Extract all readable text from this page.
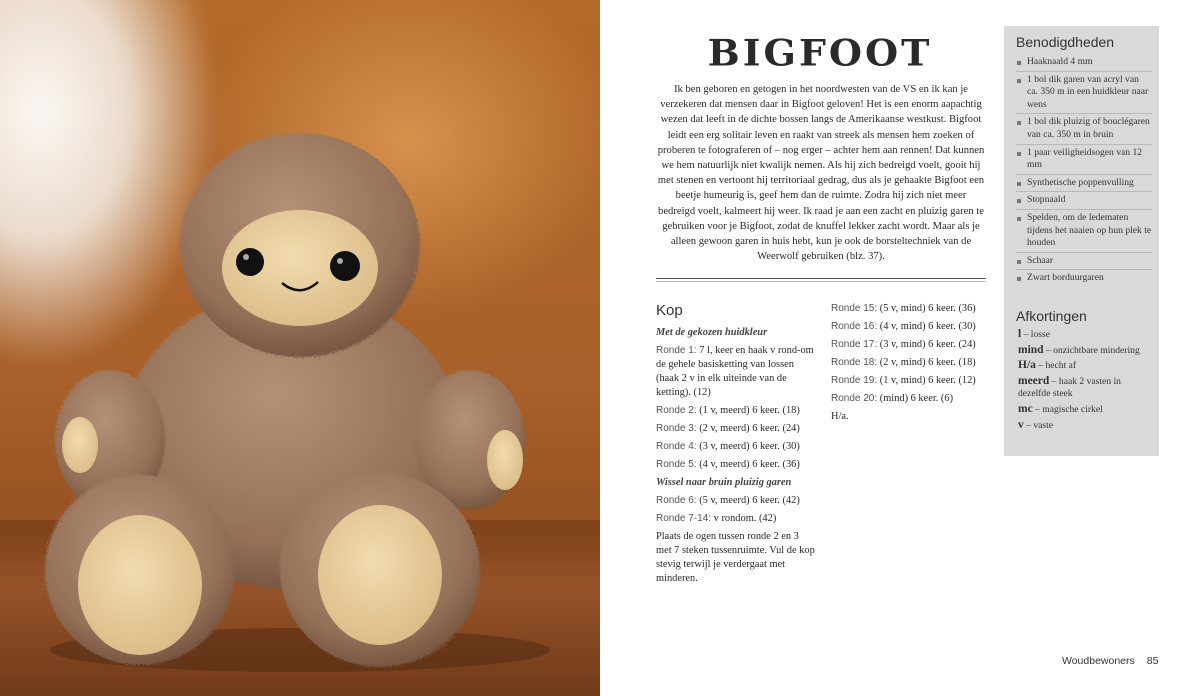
BIGFOOT
Ik ben geboren en getogen in het noordwesten van de VS en ik kan je verzekeren dat mensen daar in Bigfoot geloven! Het is een enorm aapachtig wezen dat leeft in de dichte bossen langs de Amerikaanse westkust. Bigfoot leidt een erg solitair leven en raakt van streek als mensen hem zoeken of proberen te fotograferen of – nog erger – achter hem aan rennen! Dat kunnen we hem natuurlijk niet kwalijk nemen. Als hij zich bedreigd voelt, gooit hij met stenen en vertoont hij territoriaal gedrag, dus als je gehaakte Bigfoot een beetje humeurig is, geef hem dan de ruimte. Zodra hij zich niet meer bedreigd voelt, kalmeert hij weer. Ik raad je aan een zacht en pluizig garen te gebruiken voor je Bigfoot, zodat de knuffel lekker zacht wordt. Maar als je alleen gewoon garen in huis hebt, kun je ook de borsteltechniek van de Weerwolf gebruiken (blz. 37).
Kop
Met de gekozen huidkleur
Ronde 1: 7 l, keer en haak v rond-om de gehele basisketting van lossen (haak 2 v in elk uiteinde van de ketting). (12)
Ronde 2: (1 v, meerd) 6 keer. (18)
Ronde 3: (2 v, meerd) 6 keer. (24)
Ronde 4: (3 v, meerd) 6 keer. (30)
Ronde 5: (4 v, meerd) 6 keer. (36)
Wissel naar bruin pluizig garen
Ronde 6: (5 v, meerd) 6 keer. (42)
Ronde 7-14: v rondom. (42)
Plaats de ogen tussen ronde 2 en 3 met 7 steken tussenruimte. Vul de kop stevig terwijl je verdergaat met minderen.
Ronde 15: (5 v, mind) 6 keer. (36)
Ronde 16: (4 v, mind) 6 keer. (30)
Ronde 17: (3 v, mind) 6 keer. (24)
Ronde 18: (2 v, mind) 6 keer. (18)
Ronde 19: (1 v, mind) 6 keer. (12)
Ronde 20: (mind) 6 keer. (6)
H/a.
Benodigdheden
Haaknaald 4 mm
1 bol dik garen van acryl van ca. 350 m in een huidkleur naar wens
1 bol dik pluizig of bouclégaren van ca. 350 m in bruin
1 paar veiligheidsogen van 12 mm
Synthetische poppenvulling
Stopnaald
Spelden, om de ledematen tijdens het naaien op hun plek te houden
Schaar
Zwart borduurgaren
Afkortingen
l – losse
mind – onzichtbare mindering
H/a – hecht af
meerd – haak 2 vasten in dezelfde steek
mc – magische cirkel
v – vaste
Woudbewoners 85
